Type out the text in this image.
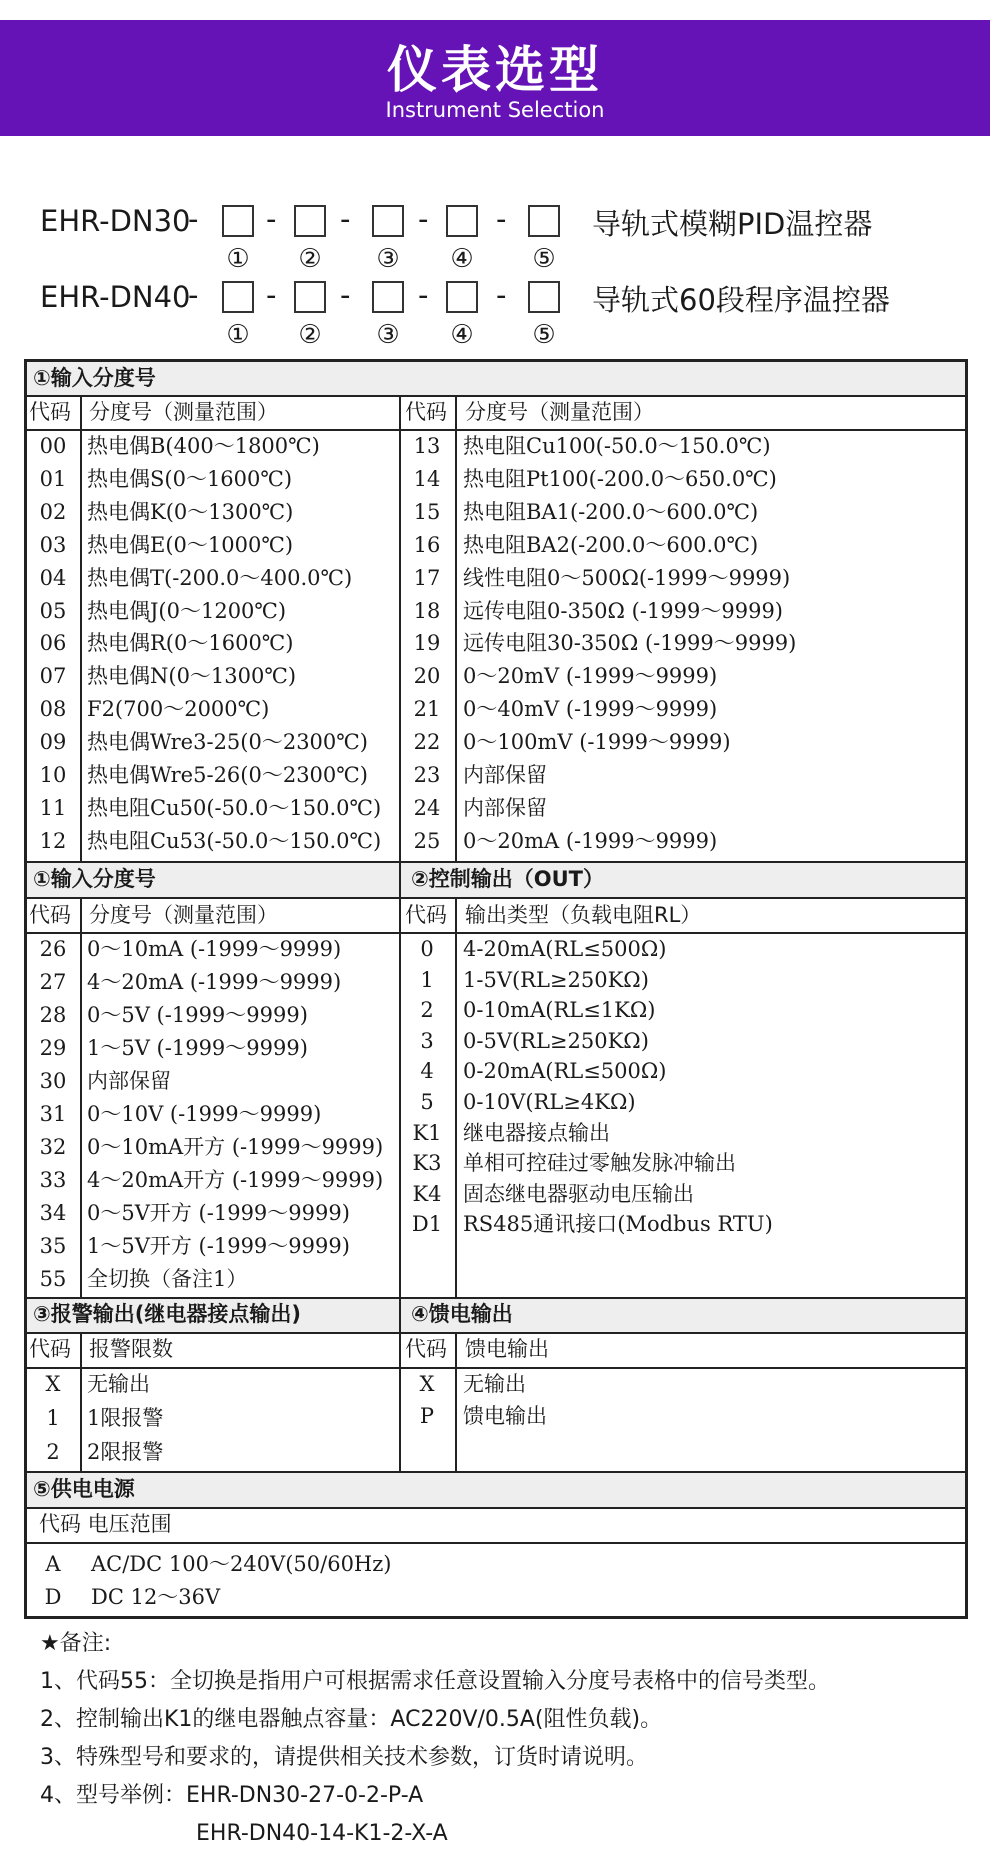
仪表选型
Instrument Selection
EHR-DN30
-
①
-
②
-
③
-
④
-
⑤
导轨式模糊PID温控器
EHR-DN40
-
①
-
②
-
③
-
④
-
⑤
导轨式60段程序温控器
①输入分度号
①输入分度号	②控制输出（OUT）
③报警输出(继电器接点输出)	④馈电输出
⑤供电电源
代码 分度号（测量范围）	代码 分度号（测量范围）
代码 分度号（测量范围）	代码 输出类型（负载电阻RL）
代码 报警限数	代码 馈电输出
代码 电压范围
00 热电偶B(400～1800℃)
01 热电偶S(0～1600℃)
02 热电偶K(0～1300℃)
03 热电偶E(0～1000℃)
04 热电偶T(-200.0～400.0℃)
05 热电偶J(0～1200℃)
06 热电偶R(0～1600℃)
07 热电偶N(0～1300℃)
08 F2(700～2000℃)
09 热电偶Wre3-25(0～2300℃)
10 热电偶Wre5-26(0～2300℃)
11 热电阻Cu50(-50.0～150.0℃)
12 热电阻Cu53(-50.0～150.0℃)
13	热电阻Cu100(-50.0～150.0℃)
14	热电阻Pt100(-200.0～650.0℃)
15	热电阻BA1(-200.0～600.0℃)
16	热电阻BA2(-200.0～600.0℃)
17	线性电阻0～500Ω(-1999～9999)
18	远传电阻0-350Ω (-1999～9999)
19	远传电阻30-350Ω (-1999～9999)
20	0～20mV (-1999～9999)
21	0～40mV (-1999～9999)
22	0～100mV (-1999～9999)
23	内部保留
24	内部保留
25	0～20mA (-1999～9999)
26 0～10mA (-1999～9999)
27 4～20mA (-1999～9999)
28 0～5V (-1999～9999)
29 1～5V (-1999～9999)
30 内部保留
31 0～10V (-1999～9999)
32 0～10mA开方 (-1999～9999)
33 4～20mA开方 (-1999～9999)
34 0～5V开方 (-1999～9999)
35 1～5V开方 (-1999～9999)
55 全切换（备注1）
0	4-20mA(RL≤500Ω)
1	1-5V(RL≥250KΩ)
2	0-10mA(RL≤1KΩ)
3	0-5V(RL≥250KΩ)
4	0-20mA(RL≤500Ω)
5	0-10V(RL≥4KΩ)
K1	继电器接点输出
K3	单相可控硅过零触发脉冲输出
K4	固态继电器驱动电压输出
D1 RS485通讯接口(Modbus RTU)
X	无输出
1	1限报警
2	2限报警
X	无输出
P	馈电输出
A	AC/DC 100～240V(50/60Hz)
D	DC 12～36V
★备注:
1、代码55：全切换是指用户可根据需求任意设置输入分度号表格中的信号类型。
2、控制输出K1的继电器触点容量：AC220V/0.5A(阻性负载)。
3、特殊型号和要求的，请提供相关技术参数，订货时请说明。
4、型号举例：EHR-DN30-27-0-2-P-A
EHR-DN40-14-K1-2-X-A
